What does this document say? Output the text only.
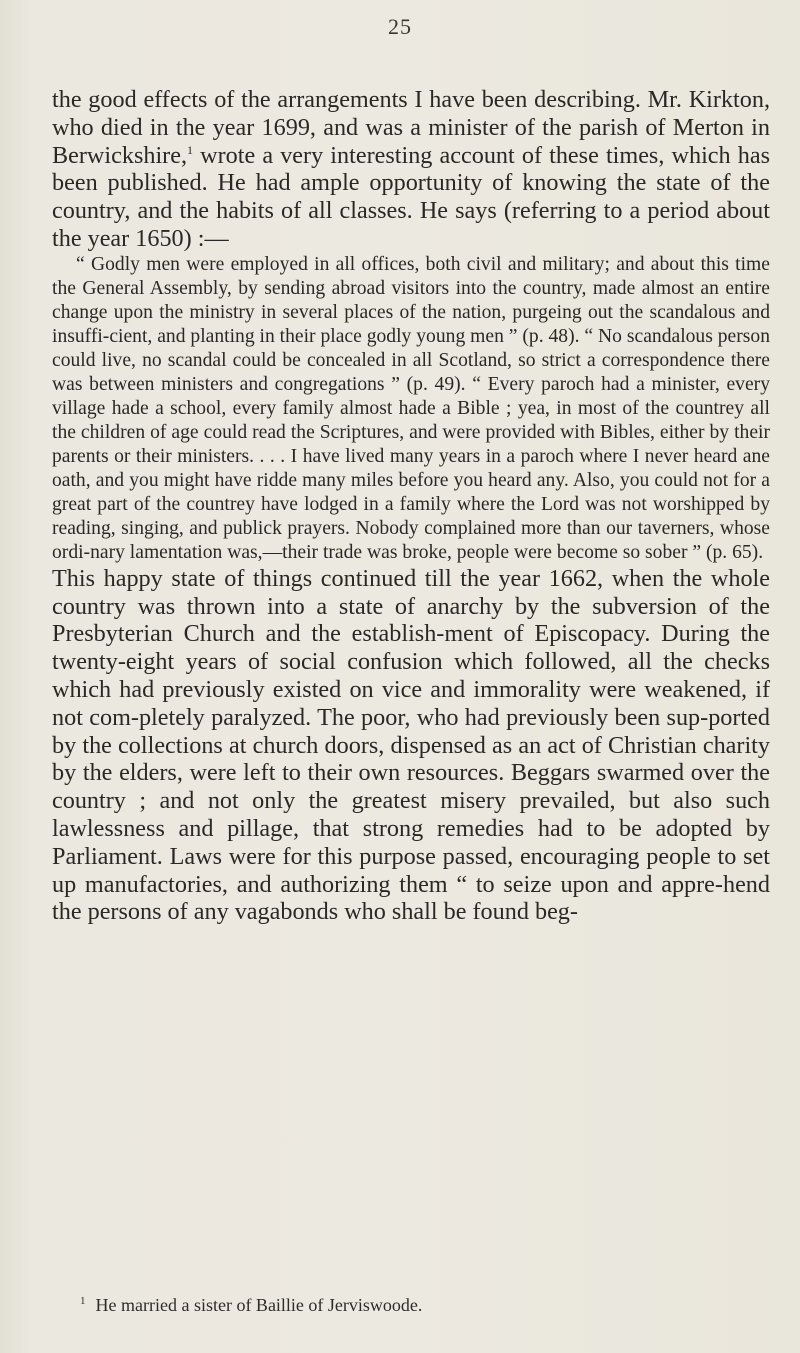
25

the good effects of the arrangements I have been describing. Mr. Kirkton, who died in the year 1699, and was a minister of the parish of Merton in Berwickshire,$^1$ wrote a very interesting account of these times, which has been published. He had ample opportunity of knowing the state of the country, and the habits of all classes. He says (referring to a period about the year 1650) :—

“ Godly men were employed in all offices, both civil and military; and about this time the General Assembly, by sending abroad visitors into the country, made almost an entire change upon the ministry in several places of the nation, purgeing out the scandalous and insuffi-cient, and planting in their place godly young men ” (p. 48). “ No scandalous person could live, no scandal could be concealed in all Scotland, so strict a correspondence there was between ministers and congregations ” (p. 49). “ Every paroch had a minister, every village hade a school, every family almost hade a Bible ; yea, in most of the countrey all the children of age could read the Scriptures, and were provided with Bibles, either by their parents or their ministers. . . . I have lived many years in a paroch where I never heard ane oath, and you might have ridde many miles before you heard any. Also, you could not for a great part of the countrey have lodged in a family where the Lord was not worshipped by reading, singing, and publick prayers. Nobody complained more than our taverners, whose ordi-nary lamentation was,—their trade was broke, people were become so sober ” (p. 65).

This happy state of things continued till the year 1662, when the whole country was thrown into a state of anarchy by the subversion of the Presbyterian Church and the establish-ment of Episcopacy. During the twenty-eight years of social confusion which followed, all the checks which had previously existed on vice and immorality were weakened, if not com-pletely paralyzed. The poor, who had previously been sup-ported by the collections at church doors, dispensed as an act of Christian charity by the elders, were left to their own resources. Beggars swarmed over the country ; and not only the greatest misery prevailed, but also such lawlessness and pillage, that strong remedies had to be adopted by Parliament. Laws were for this purpose passed, encouraging people to set up manufactories, and authorizing them “ to seize upon and appre-hend the persons of any vagabonds who shall be found beg-

$^1$ He married a sister of Baillie of Jerviswoode.
